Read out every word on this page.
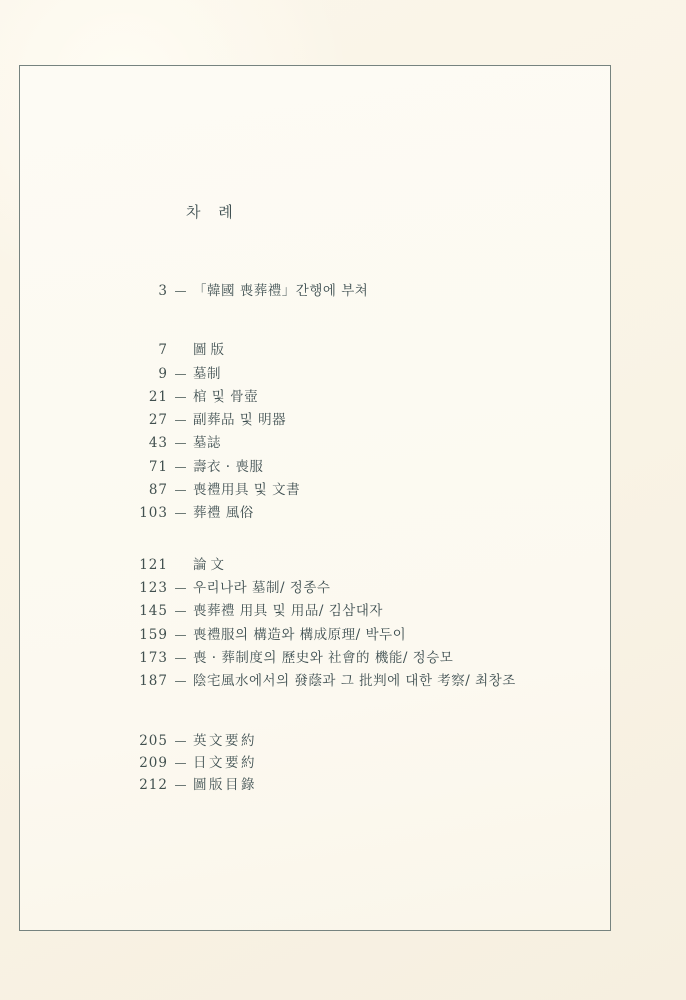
차 례
3 — 「韓國 喪葬禮」간행에 부쳐
7 圖版
9 — 墓制
21 — 棺 및 骨壺
27 — 副葬品 및 明器
43 — 墓誌
71 — 壽衣 · 喪服
87 — 喪禮用具 및 文書
103 — 葬禮 風俗
121 論文
123 — 우리나라 墓制/ 정종수
145 — 喪葬禮 用具 및 用品/ 김삼대자
159 — 喪禮服의 構造와 構成原理/ 박두이
173 — 喪 · 葬制度의 歷史와 社會的 機能/ 정승모
187 — 陰宅風水에서의 發蔭과 그 批判에 대한 考察/ 최창조
205 — 英文要約
209 — 日文要約
212 — 圖版目錄
